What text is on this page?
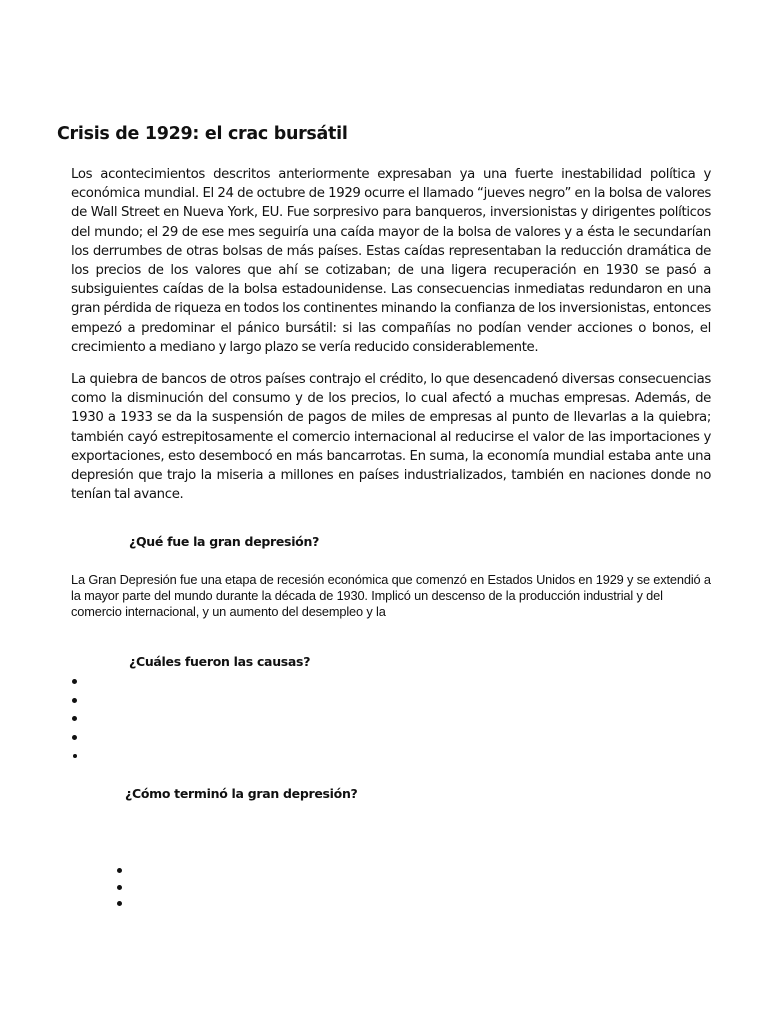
Crisis de 1929: el crac bursátil

Los acontecimientos descritos anteriormente expresaban ya una fuerte inestabilidad política y económica mundial. El 24 de octubre de 1929 ocurre el llamado “jueves negro” en la bolsa de valores de Wall Street en Nueva York, EU. Fue sorpresivo para banqueros, inversionistas y dirigentes políticos del mundo; el 29 de ese mes seguiría una caída mayor de la bolsa de valores y a ésta le secundarían los derrumbes de otras bolsas de más países. Estas caídas representaban la reducción dramática de los precios de los valores que ahí se cotizaban; de una ligera recuperación en 1930 se pasó a subsiguientes caídas de la bolsa estadounidense. Las consecuencias inmediatas redundaron en una gran pérdida de riqueza en todos los continentes minando la confianza de los inversionistas, entonces empezó a predominar el pánico bursátil: si las compañías no podían vender acciones o bonos, el crecimiento a mediano y largo plazo se vería reducido considerablemente.

La quiebra de bancos de otros países contrajo el crédito, lo que desencadenó diversas consecuencias como la disminución del consumo y de los precios, lo cual afectó a muchas empresas. Además, de 1930 a 1933 se da la suspensión de pagos de miles de empresas al punto de llevarlas a la quiebra; también cayó estrepitosamente el comercio internacional al reducirse el valor de las importaciones y exportaciones, esto desembocó en más bancarrotas. En suma, la economía mundial estaba ante una depresión que trajo la miseria a millones en países industrializados, también en naciones donde no tenían tal avance.

¿Qué fue la gran depresión?

La Gran Depresión fue una etapa de recesión económica que comenzó en Estados Unidos en 1929 y se extendió a la mayor parte del mundo durante la década de 1930. Implicó un descenso de la producción industrial y del comercio internacional, y un aumento del desempleo y la

¿Cuáles fueron las causas?

¿Cómo terminó la gran depresión?
